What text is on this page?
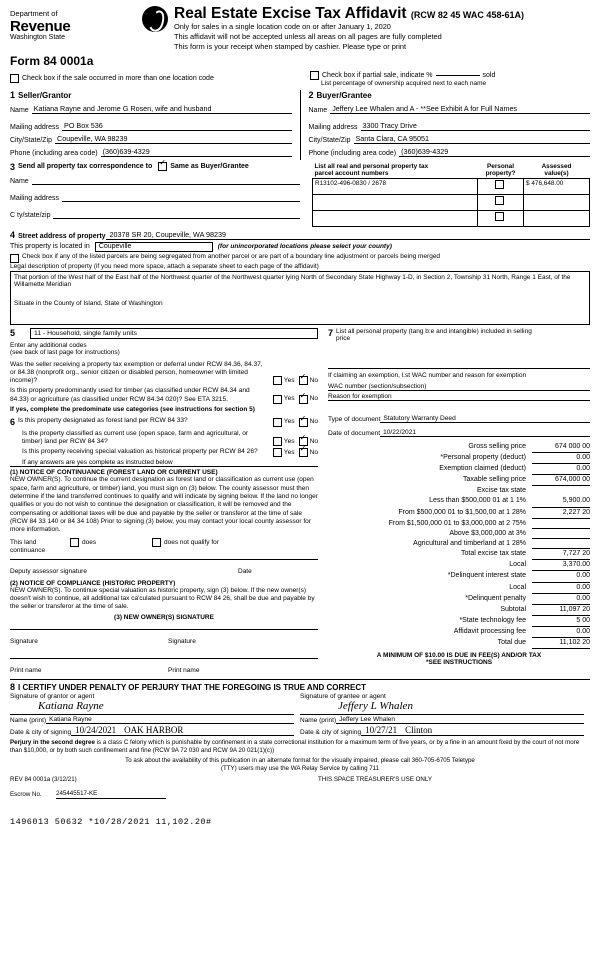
Department of
Revenue
Washington State
Real Estate Excise Tax Affidavit (RCW 82 45 WAC 458-61A)
Only for sales in a single location code on or after January 1, 2020
This affidavit will not be accepted unless all areas on all pages are fully completed
This form is your receipt when stamped by cashier. Please type or print
Form 84 0001a
Check box if the sale occurred in more than one location code	Check box if partial sale, indicate %	sold
List percentage of ownership acquired next to each name
1 Seller/Grantor
Name Katiana Rayne and Jerome G Rosen, wife and husband
Mailing address PO Box 536
City/State/Zip Coupeville, WA 98239
Phone (including area code) (360)639-4329
2 Buyer/Grantee
Name Jeffery Lee Whalen and A - **See Exhibit A for Full Names
Mailing address 3300 Tracy Drive
City/State/Zip Santa Clara, CA 95051
Phone (including area code) (360)639-4329
3 Send all property tax correspondence to ✓	Same as Buyer/Grantee
Name
Mailing address
C ty/state/zip
List all real and personal property tax
parcel account numbers	Personal
property?	Assessed
value(s)
R13102-496-0830 / 2678		$ 476,648.00

4 Street address of property 20378 SR 20, Coupeville, WA 98239
This property is located in	Coupeville	(for unincorporated locations please select your county)
Check box if any of the listed parcels are being segregated from another parcel or are part of a boundary line adjustment or parcels being merged
Legal description of property (if you need more space, attach a separate sheet to each page of the affidavit)
That portion of the West half of the East half of the Northwest quarter of the Northwest quarter lying North of Secondary State Highway 1-D, in Section 2, Township 31 North, Range 1 East, of the Willamette Meridian
Situate in the County of Island, State of Washington
5	11 - Household, single family units
Enter any additional codes
(see back of last page for instructions)
Was the seller receiving a property tax exemption or deferral under RCW 84.36, 84.37, or 84.38 (nonprofit org., senior citizen or disabled person, homeowner with limited income)?	Yes ✓ No
Is this property predominantly used for timber (as classified under RCW 84.34 and 84.33) or agriculture (as classified under RCW 84.34 020)? See ETA 3215.	Yes ✓ No
If yes, complete the predominate use categories (see instructions for section 5)
7 List all personal property (tang b:e and intangible) included in selling
price
If claiming an exemption, l.st WAC number and reason for exemption
WAC number (section/subsection)
Reason for exemption
6 Is this property designated as forest land per RCW 84 33?	Yes ✓ No
Is the property classified as current use (open space, farm and agricultural, or timber) land per RCW 84 34?	Yes ✓ No
Is this property receiving special valuation as historical property per RCW 84 26?	Yes ✓ No
If any answers are yes complete as instructed below
(1) NOTICE OF CONTINUANCE (FOREST LAND OR CURRENT USE)
NEW OWNER(S). To continue the current designation as forest land or classification as current use (open space, farm and agriculture, or timber) land, you must sign on (3) below. The county assessor must then determine if the land transferred continues to qualify and will indicate by signing below. If the land no longer qualifies or you do not wish to continue the designation or classification, it will be removed and the compensating or additional taxes will be due and payable by the seller or transferor at the time of sale (RCW 84 33 140 or 84 34 108) Prior to signing (3) below, you may contact your local county assessor for more information.
This land	does	does not qualify for
continuance
Deputy assessor signature	Date
(2) NOTICE OF COMPLIANCE (HISTORIC PROPERTY)
NEW OWNER(S). To continue special valuation as historic property, sign (3) below. If the new owner(s) doesn't wish to continue, all additional tax ca'culated pursuant to RCW 84 26, shall be due and payable by the seller or transferor at the time of sale.
(3) NEW OWNER(S) SIGNATURE
Signature	Signature
Print name	Print name
Type of document Statutory Warranty Deed
Date of document 10/22/2021
Gross selling price	674 000 00
*Personal property (deduct)	0.00
Exemption claimed (deduct)	0.00
Taxable selling price	674,000 00
Excise tax state
Less than $500,000 01 at 1 1%	5,900.00
From $500,000 01 to $1,500,00 at 1 28%	2,227 20
From $1,500,000 01 to $3,000,000 at 2 75%
Above $3,000,000 at 3%
Agricultural and timberland at 1 28%
Total excise tax state	7,727 20
Local	3,370.00
*Delinquent interest state	0.00
Local	0.00
*Delinquent penalty	0.00
Subtotal	11,097 20
*State technology fee	5 00
Affidavit processing fee	0.00
Total due	11,102 20
A MINIMUM OF $10.00 IS DUE IN FEE(S) AND/OR TAX
*SEE INSTRUCTIONS
8 I CERTIFY UNDER PENALTY OF PERJURY THAT THE FOREGOING IS TRUE AND CORRECT
Signature of grantor or agent
Katiana Rayne
Signature of grantee or agent
Jeffery L Whalen
Name (print) Katiana Rayne	Name (print) Jeffery Lee Whalen
Date & city of signing 10/24/2021 OAK HARBOR	Date & city of signing 10/27/21 Clinton
Perjury in the second degree is a class C felony which is punishable by confinement in a state correctional institution for a maximum term of five years, or by a fine in an amount fixed by the court of not more than $10,000, or by both such confinement and fine (RCW 9A 72 030 and RCW 9A 20 021(1)(c))
To ask about the availability of this publication in an alternate format for the visually impaired, please call 360-705-6705 Teletype
(TTY) users may use the WA Relay Service by calling 711
REV 84 0001a (3/12/21)	THIS SPACE TREASURER'S USE ONLY
Escrow No.	245445517-KE
1496013 50632 *10/28/2021 11,102.20#
